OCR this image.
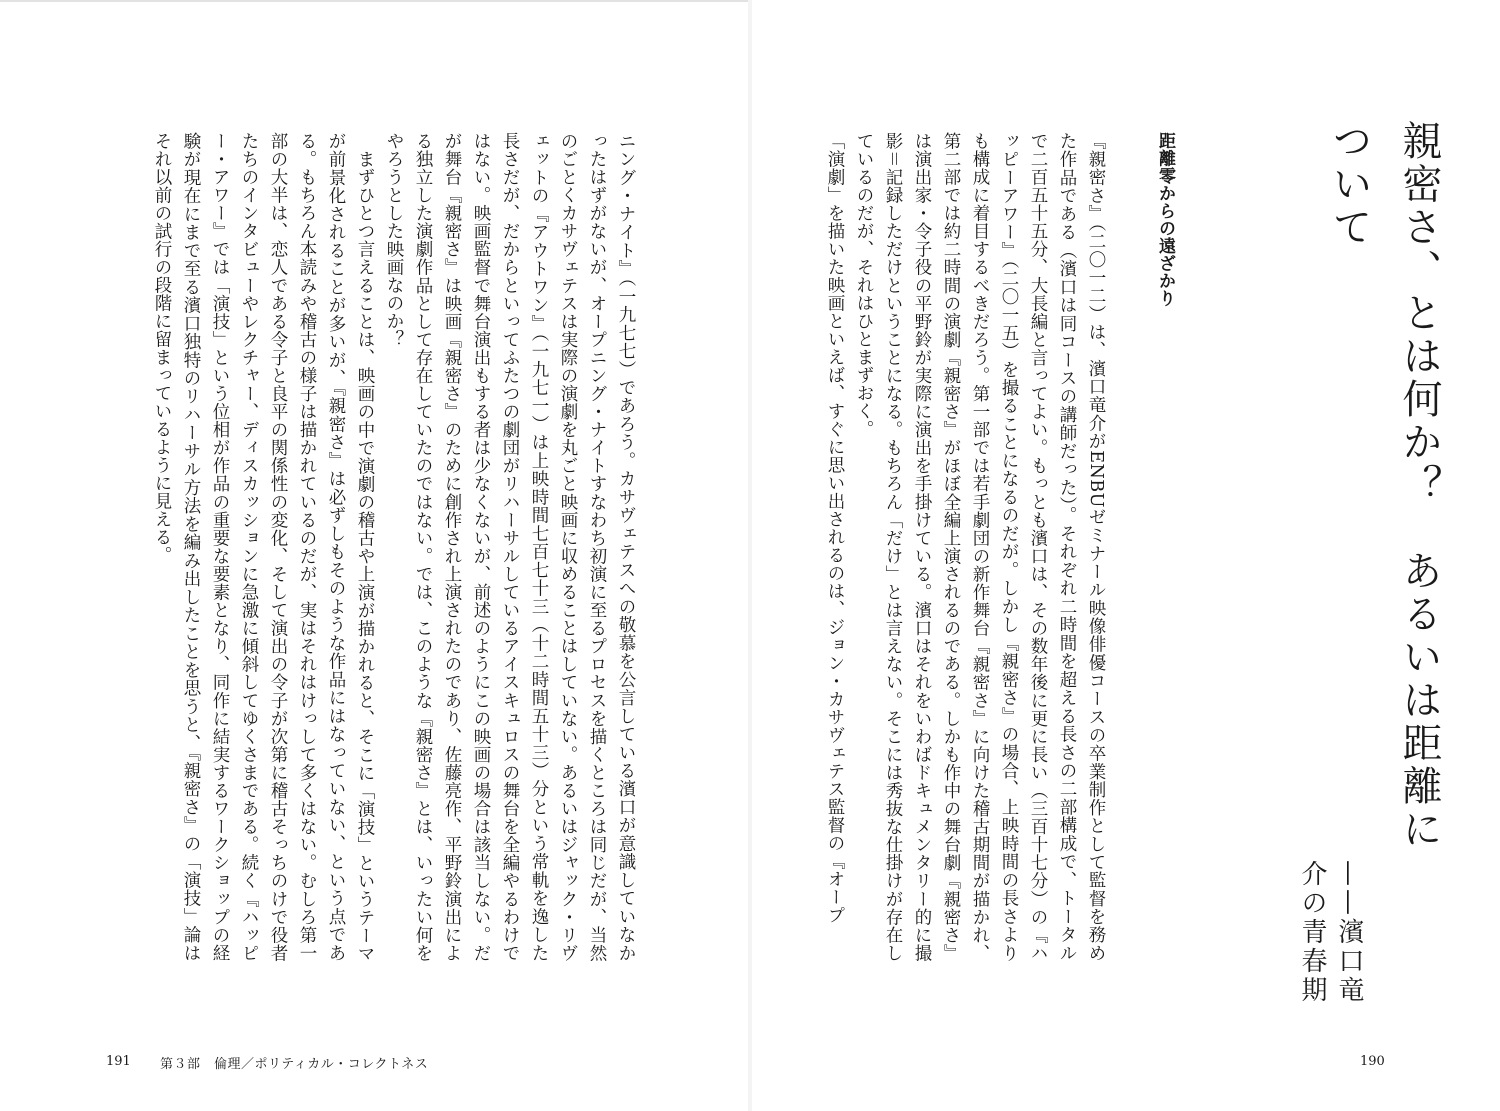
ニング・ナイト』（一九七七）であろう。カサヴェテスへの敬慕を公言している濱口が意識していなかったはずがないが、オープニング・ナイトすなわち初演に至るプロセスを描くところは同じだが、当然のごとくカサヴェテスは実際の演劇を丸ごと映画に収めることはしていない。あるいはジャック・リヴェットの『アウトワン』（一九七一）は上映時間七百七十三（十二時間五十三）分という常軌を逸した長さだが、だからといってふたつの劇団がリハーサルしているアイスキュロスの舞台を全編やるわけではない。映画監督で舞台演出もする者は少なくないが、前述のようにこの映画の場合は該当しない。だが舞台『親密さ』は映画『親密さ』のために創作され上演されたのであり、佐藤亮作、平野鈴演出による独立した演劇作品として存在していたのではない。では、このような『親密さ』とは、いったい何をやろうとした映画なのか？

まずひとつ言えることは、映画の中で演劇の稽古や上演が描かれると、そこに「演技」というテーマが前景化されることが多いが、『親密さ』は必ずしもそのような作品にはなっていない、という点である。もちろん本読みや稽古の様子は描かれているのだが、実はそれはけっして多くはない。むしろ第一部の大半は、恋人である令子と良平の関係性の変化、そして演出の令子が次第に稽古そっちのけで役者たちのインタビューやレクチャー、ディスカッションに急激に傾斜してゆくさまである。続く『ハッピー・アワー』では「演技」という位相が作品の重要な要素となり、同作に結実するワークショップの経験が現在にまで至る濱口独特のリハーサル方法を編み出したことを思うと、『親密さ』の「演技」論はそれ以前の試行の段階に留まっているように見える。

191 第３部　倫理／ポリティカル・コレクトネス
親密さ、とは何か？　あるいは距離について
——濱口竜介の青春期
距離零からの遠ざかり

『親密さ』（二〇一二）は、濱口竜介がENBUゼミナール映像俳優コースの卒業制作として監督を務めた作品である（濱口は同コースの講師だった）。それぞれ二時間を超える長さの二部構成で、トータルで二百五十五分、大長編と言ってよい。もっとも濱口は、その数年後に更に長い（三百十七分）の『ハッピーアワー』（二〇一五）を撮ることになるのだが。しかし『親密さ』の場合、上映時間の長さよりも構成に着目するべきだろう。第一部では若手劇団の新作舞台『親密さ』に向けた稽古期間が描かれ、第二部では約二時間の演劇『親密さ』がほぼ全編上演されるのである。しかも作中の舞台劇『親密さ』は演出家・令子役の平野鈴が実際に演出を手掛けている。濱口はそれをいわばドキュメンタリー的に撮影＝記録しただけということになる。もちろん「だけ」とは言えない。そこには秀抜な仕掛けが存在しているのだが、それはひとまずおく。

「演劇」を描いた映画といえば、すぐに思い出されるのは、ジョン・カサヴェテス監督の『オープ

190
